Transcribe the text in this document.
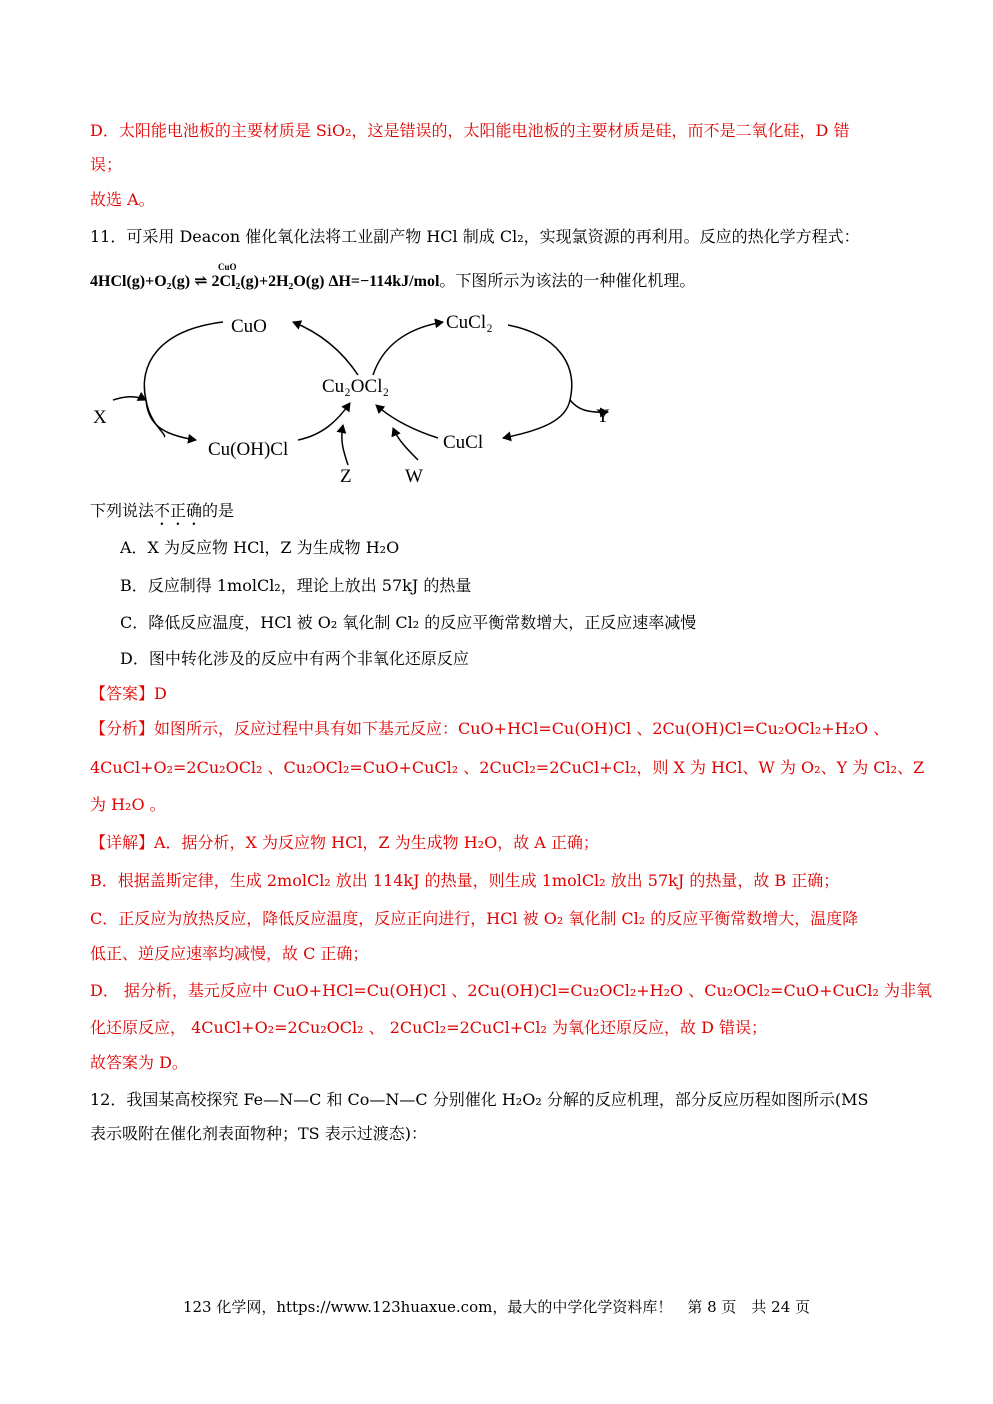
D．太阳能电池板的主要材质是 SiO₂，这是错误的，太阳能电池板的主要材质是硅，而不是二氧化硅，D 错
误；
故选 A。
11．可采用 Deacon 催化氧化法将工业副产物 HCl 制成 Cl₂，实现氯资源的再利用。反应的热化学方程式：
4HCl(g)+O₂(g) ⇌ 2Cl₂(g)+2H₂O(g) ΔH=−114kJ/mol。下图所示为该法的一种催化机理。
CuO
CuO	CuCl₂
Cu₂OCl₂
X	Y
Cu(OH)Cl	CuCl
Z	W
下列说法不正确的是
A．X 为反应物 HCl，Z 为生成物 H₂O
B．反应制得 1molCl₂，理论上放出 57kJ 的热量
C．降低反应温度，HCl 被 O₂ 氧化制 Cl₂ 的反应平衡常数增大，正反应速率减慢
D．图中转化涉及的反应中有两个非氧化还原反应
【答案】D
【分析】如图所示，反应过程中具有如下基元反应：CuO+HCl=Cu(OH)Cl 、2Cu(OH)Cl=Cu₂OCl₂+H₂O 、
4CuCl+O₂=2Cu₂OCl₂ 、Cu₂OCl₂=CuO+CuCl₂ 、2CuCl₂=2CuCl+Cl₂，则 X 为 HCl、W 为 O₂、Y 为 Cl₂、Z
为 H₂O 。
【详解】A．据分析，X 为反应物 HCl，Z 为生成物 H₂O，故 A 正确；
B．根据盖斯定律，生成 2molCl₂ 放出 114kJ 的热量，则生成 1molCl₂ 放出 57kJ 的热量，故 B 正确；
C．正反应为放热反应，降低反应温度，反应正向进行，HCl 被 O₂ 氧化制 Cl₂ 的反应平衡常数增大，温度降
低正、逆反应速率均减慢，故 C 正确；
D． 据分析，基元反应中 CuO+HCl=Cu(OH)Cl 、2Cu(OH)Cl=Cu₂OCl₂+H₂O 、Cu₂OCl₂=CuO+CuCl₂ 为非氧
化还原反应， 4CuCl+O₂=2Cu₂OCl₂ 、 2CuCl₂=2CuCl+Cl₂ 为氧化还原反应，故 D 错误；
故答案为 D。
12．我国某高校探究 Fe—N—C 和 Co—N—C 分别催化 H₂O₂ 分解的反应机理，部分反应历程如图所示(MS
表示吸附在催化剂表面物种；TS 表示过渡态)：
123 化学网，https://www.123huaxue.com，最大的中学化学资料库！　第 8 页　共 24 页
